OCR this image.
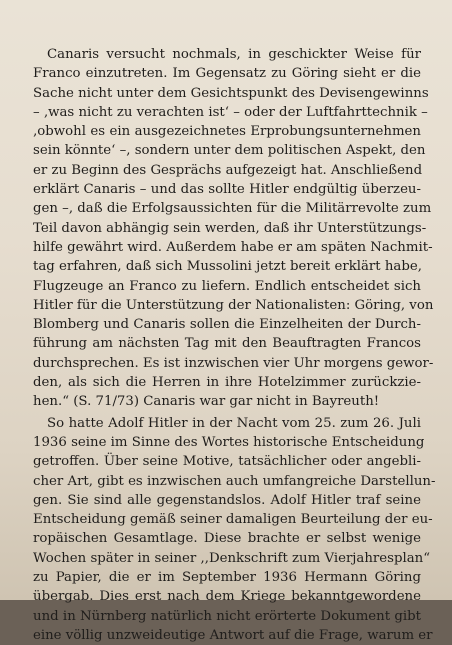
Canaris versucht nochmals, in geschickter Weise für
Franco einzutreten. Im Gegensatz zu Göring sieht er die
Sache nicht unter dem Gesichtspunkt des Devisengewinns
– ‚was nicht zu verachten ist‘ – oder der Luftfahrttechnik –
‚obwohl es ein ausgezeichnetes Erprobungsunternehmen
sein könnte‘ –, sondern unter dem politischen Aspekt, den
er zu Beginn des Gesprächs aufgezeigt hat. Anschließend
erklärt Canaris – und das sollte Hitler endgültig überzeu-
gen –, daß die Erfolgsaussichten für die Militärrevolte zum
Teil davon abhängig sein werden, daß ihr Unterstützungs-
hilfe gewährt wird. Außerdem habe er am späten Nachmit-
tag erfahren, daß sich Mussolini jetzt bereit erklärt habe,
Flugzeuge an Franco zu liefern. Endlich entscheidet sich
Hitler für die Unterstützung der Nationalisten: Göring, von
Blomberg und Canaris sollen die Einzelheiten der Durch-
führung am nächsten Tag mit den Beauftragten Francos
durchsprechen. Es ist inzwischen vier Uhr morgens gewor-
den, als sich die Herren in ihre Hotelzimmer zurückzie-
hen.“ (S. 71/73) Canaris war gar nicht in Bayreuth!
So hatte Adolf Hitler in der Nacht vom 25. zum 26. Juli
1936 seine im Sinne des Wortes historische Entscheidung
getroffen. Über seine Motive, tatsächlicher oder angebli-
cher Art, gibt es inzwischen auch umfangreiche Darstellun-
gen. Sie sind alle gegenstandslos. Adolf Hitler traf seine
Entscheidung gemäß seiner damaligen Beurteilung der eu-
ropäischen Gesamtlage. Diese brachte er selbst wenige
Wochen später in seiner ,,Denkschrift zum Vierjahresplan“
zu Papier, die er im September 1936 Hermann Göring
übergab. Dies erst nach dem Kriege bekanntgewordene
und in Nürnberg natürlich nicht erörterte Dokument gibt
eine völlig unzweideutige Antwort auf die Frage, warum er
